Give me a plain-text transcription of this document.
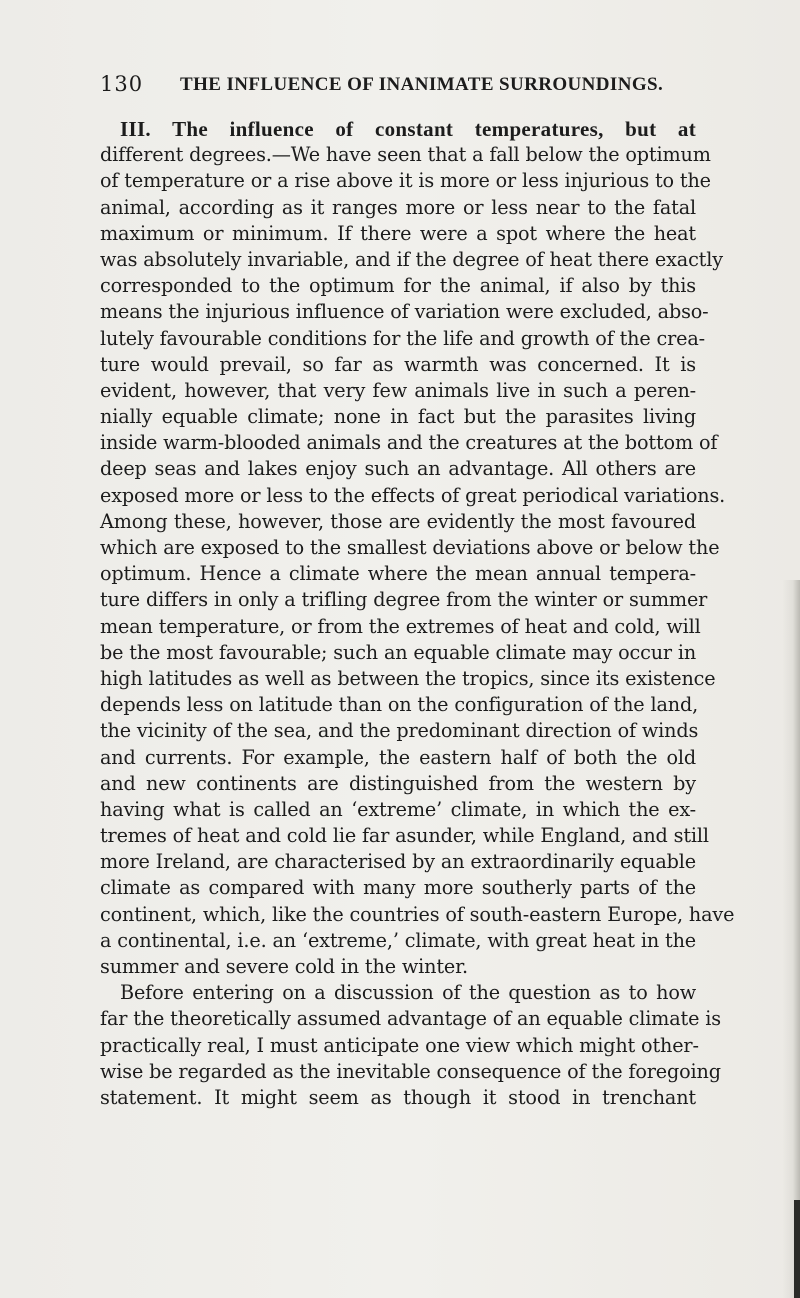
130 THE INFLUENCE OF INANIMATE SURROUNDINGS.
III. The influence of constant temperatures, but at
different degrees.—We have seen that a fall below the optimum
of temperature or a rise above it is more or less injurious to the
animal, according as it ranges more or less near to the fatal
maximum or minimum. If there were a spot where the heat
was absolutely invariable, and if the degree of heat there exactly
corresponded to the optimum for the animal, if also by this
means the injurious influence of variation were excluded, abso-
lutely favourable conditions for the life and growth of the crea-
ture would prevail, so far as warmth was concerned. It is
evident, however, that very few animals live in such a peren-
nially equable climate; none in fact but the parasites living
inside warm-blooded animals and the creatures at the bottom of
deep seas and lakes enjoy such an advantage. All others are
exposed more or less to the effects of great periodical variations.
Among these, however, those are evidently the most favoured
which are exposed to the smallest deviations above or below the
optimum. Hence a climate where the mean annual tempera-
ture differs in only a trifling degree from the winter or summer
mean temperature, or from the extremes of heat and cold, will
be the most favourable; such an equable climate may occur in
high latitudes as well as between the tropics, since its existence
depends less on latitude than on the configuration of the land,
the vicinity of the sea, and the predominant direction of winds
and currents. For example, the eastern half of both the old
and new continents are distinguished from the western by
having what is called an ‘extreme’ climate, in which the ex-
tremes of heat and cold lie far asunder, while England, and still
more Ireland, are characterised by an extraordinarily equable
climate as compared with many more southerly parts of the
continent, which, like the countries of south-eastern Europe, have
a continental, i.e. an ‘extreme,’ climate, with great heat in the
summer and severe cold in the winter.
Before entering on a discussion of the question as to how
far the theoretically assumed advantage of an equable climate is
practically real, I must anticipate one view which might other-
wise be regarded as the inevitable consequence of the foregoing
statement. It might seem as though it stood in trenchant
